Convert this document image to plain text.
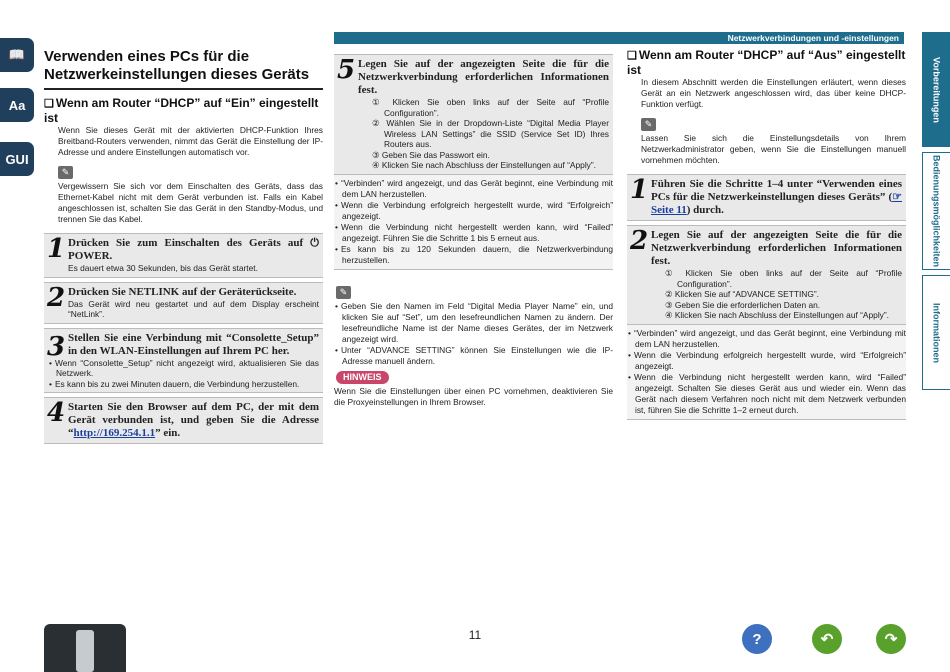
Netzwerkverbindungen und -einstellungen
📖
Aa
GUI
Vorbereitungen
Bedienungsmöglichkeiten
Informationen
Verwenden eines PCs für die Netzwerkeinstellungen dieses Geräts
❑ Wenn am Router “DHCP” auf “Ein” eingestellt ist

Wenn Sie dieses Gerät mit der aktivierten DHCP-Funktion Ihres Breitband-Routers verwenden, nimmt das Gerät die Einstellung der IP-Adresse und andere Einstellungen automatisch vor.

✎

Vergewissern Sie sich vor dem Einschalten des Geräts, dass das Ethernet-Kabel nicht mit dem Gerät verbunden ist. Falls ein Kabel angeschlossen ist, schalten Sie das Gerät in den Standby-Modus, und trennen Sie das Kabel.

1 Drücken Sie zum Einschalten des Geräts auf ⏻ POWER.

Es dauert etwa 30 Sekunden, bis das Gerät startet.

2 Drücken Sie NETLINK auf der Geräterückseite.

Das Gerät wird neu gestartet und auf dem Display erscheint “NetLink”.

3 Stellen Sie eine Verbindung mit “Consolette_Setup” in den WLAN-Einstellungen auf Ihrem PC her.

• Wenn “Consolette_Setup” nicht angezeigt wird, aktualisieren Sie das Netzwerk.

• Es kann bis zu zwei Minuten dauern, die Verbindung herzustellen.

4 Starten Sie den Browser auf dem PC, der mit dem Gerät verbunden ist, und geben Sie die Adresse “http://169.254.1.1” ein.
5 Legen Sie auf der angezeigten Seite die für die Netzwerkverbindung erforderlichen Informationen fest.

① Klicken Sie oben links auf der Seite auf “Profile Configuration”.

② Wählen Sie in der Dropdown-Liste “Digital Media Player Wireless LAN Settings” die SSID (Service Set ID) Ihres Routers aus.

③ Geben Sie das Passwort ein.

④ Klicken Sie nach Abschluss der Einstellungen auf “Apply”.

• “Verbinden” wird angezeigt, und das Gerät beginnt, eine Verbindung mit dem LAN herzustellen.

• Wenn die Verbindung erfolgreich hergestellt wurde, wird “Erfolgreich” angezeigt.

• Wenn die Verbindung nicht hergestellt werden kann, wird “Failed” angezeigt. Führen Sie die Schritte 1 bis 5 erneut aus.

• Es kann bis zu 120 Sekunden dauern, die Netzwerkverbindung herzustellen.

✎

• Geben Sie den Namen im Feld “Digital Media Player Name” ein, und klicken Sie auf “Set”, um den lesefreundlichen Namen zu ändern. Der lesefreundliche Name ist der Name dieses Gerätes, der im Netzwerk angezeigt wird.

• Unter “ADVANCE SETTING” können Sie Einstellungen wie die IP-Adresse manuell ändern.

HINWEIS

Wenn Sie die Einstellungen über einen PC vornehmen, deaktivieren Sie die Proxyeinstellungen in Ihrem Browser.

❑ Wenn am Router “DHCP” auf “Aus” eingestellt ist

In diesem Abschnitt werden die Einstellungen erläutert, wenn dieses Gerät an ein Netzwerk angeschlossen wird, das über keine DHCP-Funktion verfügt.

✎

Lassen Sie sich die Einstellungsdetails von Ihrem Netzwerkadministrator geben, wenn Sie die Einstellungen manuell vornehmen möchten.

1 Führen Sie die Schritte 1–4 unter “Verwenden eines PCs für die Netzwerkeinstellungen dieses Geräts” (☞Seite 11) durch.
2 Legen Sie auf der angezeigten Seite die für die Netzwerkverbindung erforderlichen Informationen fest.

① Klicken Sie oben links auf der Seite auf “Profile Configuration”.

② Klicken Sie auf “ADVANCE SETTING”.

③ Geben Sie die erforderlichen Daten an.

④ Klicken Sie nach Abschluss der Einstellungen auf “Apply”.

• “Verbinden” wird angezeigt, und das Gerät beginnt, eine Verbindung mit dem LAN herzustellen.

• Wenn die Verbindung erfolgreich hergestellt wurde, wird “Erfolgreich” angezeigt.

• Wenn die Verbindung nicht hergestellt werden kann, wird “Failed” angezeigt. Schalten Sie dieses Gerät aus und wieder ein. Wenn das Gerät nach diesem Verfahren noch nicht mit dem Netzwerk verbunden ist, führen Sie die Schritte 1–2 erneut durch.

11	?	↶	↷
